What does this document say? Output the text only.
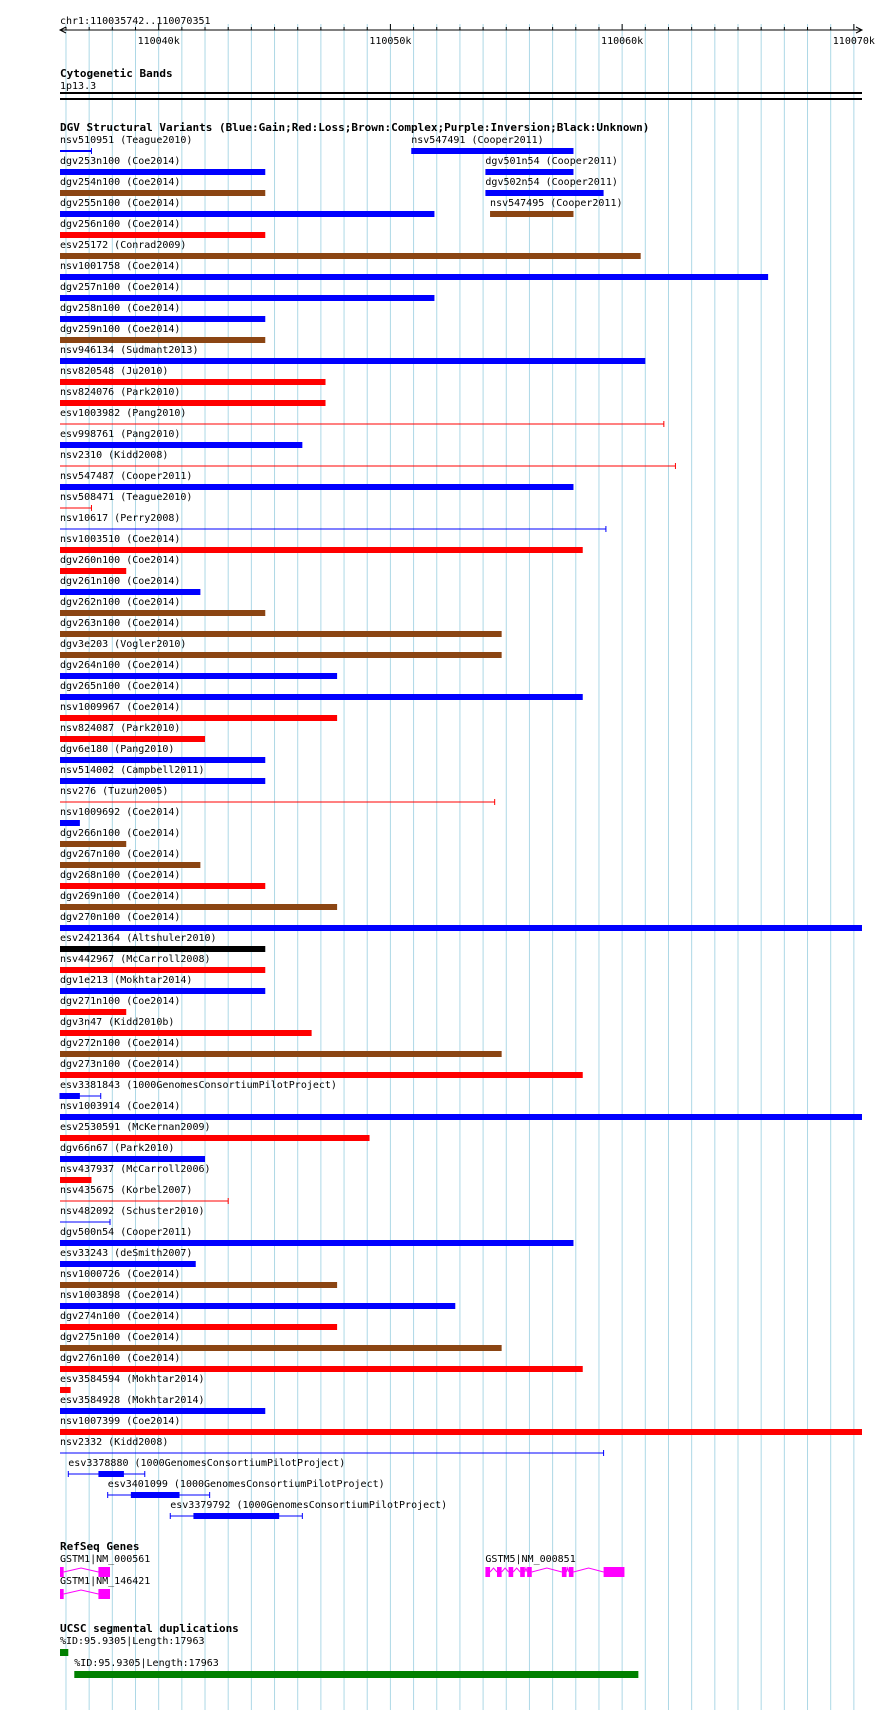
chr1:110035742..110070351
110040k	110050k	110060k	110070k
Cytogenetic Bands
1p13.3
DGV Structural Variants (Blue:Gain;Red:Loss;Brown:Complex;Purple:Inversion;Black:Unknown)
nsv510951 (Teague2010)
dgv253n100 (Coe2014)
dgv254n100 (Coe2014)
dgv255n100 (Coe2014)
dgv256n100 (Coe2014)
esv25172 (Conrad2009)
nsv1001758 (Coe2014)
dgv257n100 (Coe2014)
dgv258n100 (Coe2014)
dgv259n100 (Coe2014)
nsv946134 (Sudmant2013)
nsv820548 (Ju2010)
nsv824076 (Park2010)
esv1003982 (Pang2010)
esv998761 (Pang2010)
nsv2310 (Kidd2008)
nsv547487 (Cooper2011)
nsv508471 (Teague2010)
nsv10617 (Perry2008)
nsv1003510 (Coe2014)
dgv260n100 (Coe2014)
dgv261n100 (Coe2014)
dgv262n100 (Coe2014)
dgv263n100 (Coe2014)
dgv3e203 (Vogler2010)
dgv264n100 (Coe2014)
dgv265n100 (Coe2014)
nsv1009967 (Coe2014)
nsv824087 (Park2010)
dgv6e180 (Pang2010)
nsv514002 (Campbell2011)
nsv276 (Tuzun2005)
nsv1009692 (Coe2014)
dgv266n100 (Coe2014)
dgv267n100 (Coe2014)
dgv268n100 (Coe2014)
dgv269n100 (Coe2014)
dgv270n100 (Coe2014)
esv2421364 (Altshuler2010)
nsv442967 (McCarroll2008)
dgv1e213 (Mokhtar2014)
dgv271n100 (Coe2014)
dgv3n47 (Kidd2010b)
dgv272n100 (Coe2014)
dgv273n100 (Coe2014)
esv3381843 (1000GenomesConsortiumPilotProject)
nsv1003914 (Coe2014)
esv2530591 (McKernan2009)
dgv66n67 (Park2010)
nsv437937 (McCarroll2006)
nsv435675 (Korbel2007)
nsv482092 (Schuster2010)
dgv500n54 (Cooper2011)
esv33243 (deSmith2007)
nsv1000726 (Coe2014)
nsv1003898 (Coe2014)
dgv274n100 (Coe2014)
dgv275n100 (Coe2014)
dgv276n100 (Coe2014)
esv3584594 (Mokhtar2014)
esv3584928 (Mokhtar2014)
nsv1007399 (Coe2014)
nsv2332 (Kidd2008)
esv3378880 (1000GenomesConsortiumPilotProject)
esv3401099 (1000GenomesConsortiumPilotProject)
esv3379792 (1000GenomesConsortiumPilotProject)
nsv547491 (Cooper2011)
dgv501n54 (Cooper2011)
dgv502n54 (Cooper2011)
nsv547495 (Cooper2011)
RefSeq Genes
GSTM1|NM_000561
GSTM1|NM_146421
GSTM5|NM_000851
UCSC segmental duplications
%ID:95.9305|Length:17963
%ID:95.9305|Length:17963
